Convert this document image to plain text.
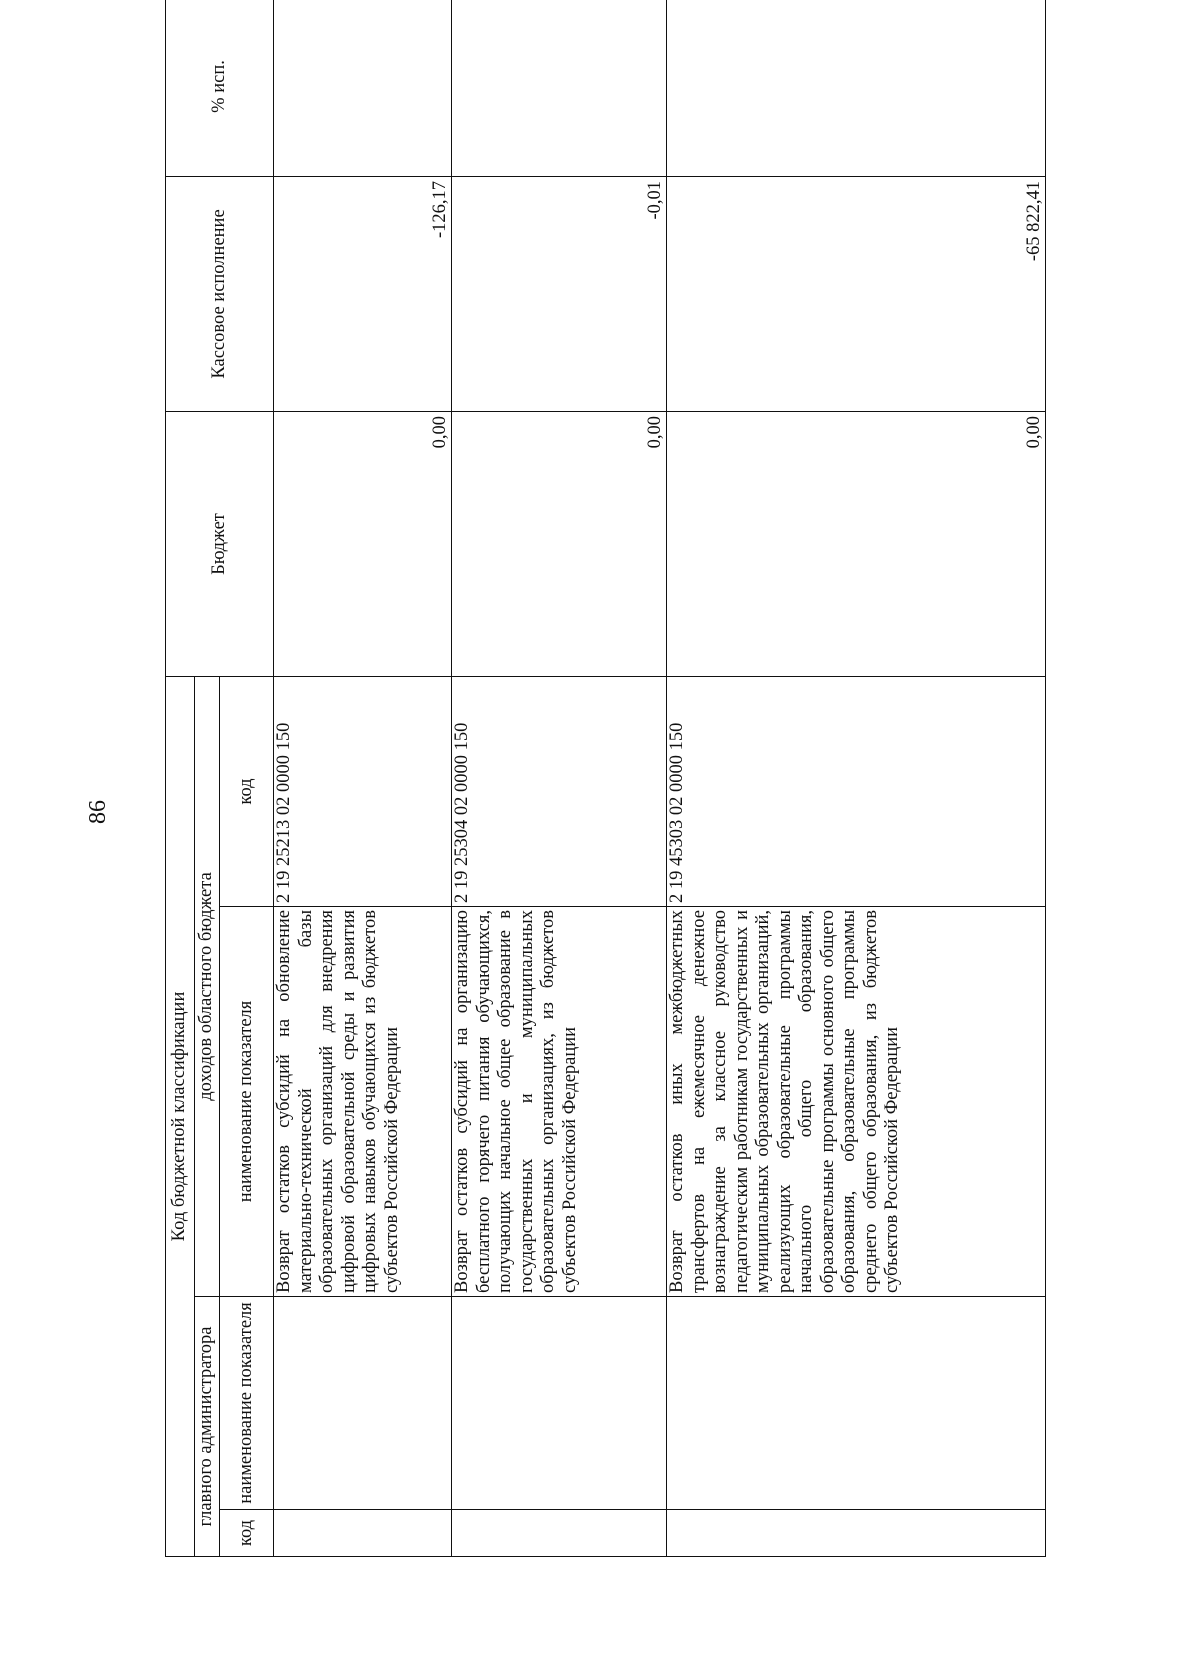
86
Код бюджетной классификации				Бюджет	Кассовое исполнение	% исп.
главного администратора		доходов областного бюджета				
код	наименование показателя	наименование показателя	код			
		Возврат остатков субсидий на обновление материально-технической базы образовательных организаций для внедрения цифровой образовательной среды и развития цифровых навыков обучающихся из бюджетов субъектов Российской Федерации	2 19 25213 02 0000 150	0,00	-126,17	
		Возврат остатков субсидий на организацию бесплатного горячего питания обучающихся, получающих начальное общее образование в государственных и муниципальных образовательных организациях, из бюджетов субъектов Российской Федерации	2 19 25304 02 0000 150	0,00	-0,01	
		Возврат остатков иных межбюджетных трансфертов на ежемесячное денежное вознаграждение за классное руководство педагогическим работникам государственных и муниципальных образовательных организаций, реализующих образовательные программы начального общего образования, образовательные программы основного общего образования, образовательные программы среднего общего образования, из бюджетов субъектов Российской Федерации	2 19 45303 02 0000 150	0,00	-65 822,41	
